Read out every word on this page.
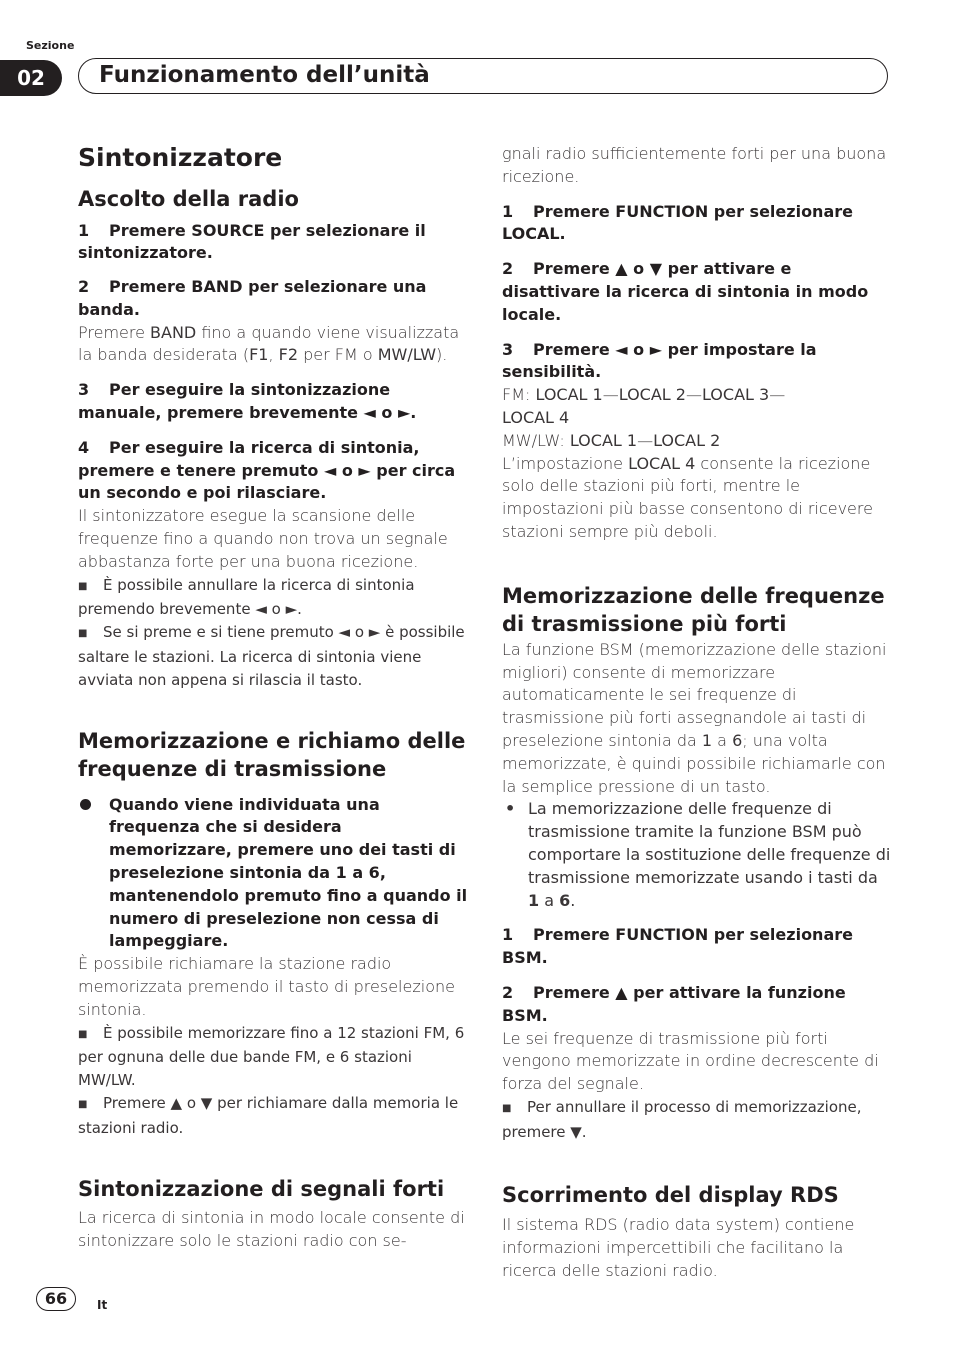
Sezione
02	Funzionamento dell’unità
Sintonizzatore
Ascolto della radio

1 Premere SOURCE per selezionare il sintonizzatore.

2 Premere BAND per selezionare una banda.

Premere BAND fino a quando viene visualizzata la banda desiderata (F1, F2 per FM o MW/LW).

3 Per eseguire la sintonizzazione manuale, premere brevemente ◄ o ►.

4 Per eseguire la ricerca di sintonia, premere e tenere premuto ◄ o ► per circa un secondo e poi rilasciare.

Il sintonizzatore esegue la scansione delle frequenze fino a quando non trova un segnale abbastanza forte per una buona ricezione.

■ È possibile annullare la ricerca di sintonia premendo brevemente ◄ o ►.

■ Se si preme e si tiene premuto ◄ o ► è possibile saltare le stazioni. La ricerca di sintonia viene avviata non appena si rilascia il tasto.

Memorizzazione e richiamo delle frequenze di trasmissione

Quando viene individuata una frequenza che si desidera memorizzare, premere uno dei tasti di preselezione sintonia da 1 a 6, mantenendolo premuto fino a quando il numero di preselezione non cessa di lampeggiare.

È possibile richiamare la stazione radio memorizzata premendo il tasto di preselezione sintonia.

■ È possibile memorizzare fino a 12 stazioni FM, 6 per ognuna delle due bande FM, e 6 stazioni MW/LW.

■ Premere ▲ o ▼ per richiamare dalla memoria le stazioni radio.

Sintonizzazione di segnali forti

La ricerca di sintonia in modo locale consente di sintonizzare solo le stazioni radio con se-

gnali radio sufficientemente forti per una buona ricezione.

1 Premere FUNCTION per selezionare LOCAL.

2 Premere ▲ o ▼ per attivare e disattivare la ricerca di sintonia in modo locale.

3 Premere ◄ o ► per impostare la sensibilità.

FM: LOCAL 1—LOCAL 2—LOCAL 3—
LOCAL 4

MW/LW: LOCAL 1—LOCAL 2

L’impostazione LOCAL 4 consente la ricezione solo delle stazioni più forti, mentre le impostazioni più basse consentono di ricevere stazioni sempre più deboli.

Memorizzazione delle frequenze di trasmissione più forti

La funzione BSM (memorizzazione delle stazioni migliori) consente di memorizzare automaticamente le sei frequenze di trasmissione più forti assegnandole ai tasti di preselezione sintonia da 1 a 6; una volta memorizzate, è quindi possibile richiamarle con la semplice pressione di un tasto.

• La memorizzazione delle frequenze di trasmissione tramite la funzione BSM può comportare la sostituzione delle frequenze di trasmissione memorizzate usando i tasti da 1 a 6.

1 Premere FUNCTION per selezionare BSM.

2 Premere ▲ per attivare la funzione BSM.

Le sei frequenze di trasmissione più forti vengono memorizzate in ordine decrescente di forza del segnale.

■ Per annullare il processo di memorizzazione, premere ▼.

Scorrimento del display RDS

Il sistema RDS (radio data system) contiene informazioni impercettibili che facilitano la ricerca delle stazioni radio.

66	It
